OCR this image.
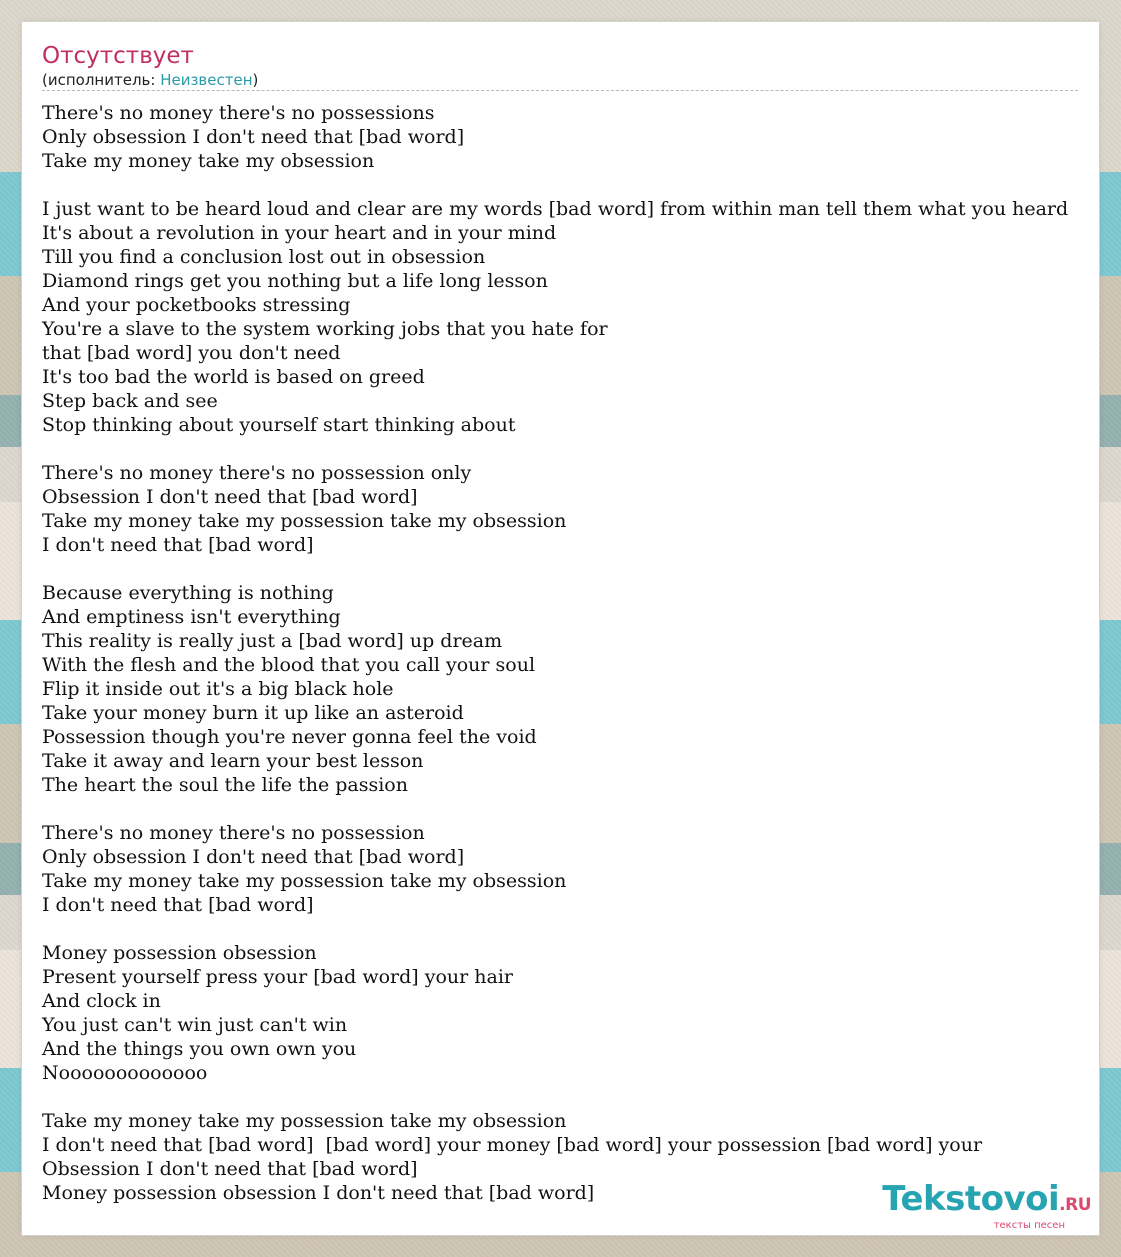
Отсутствует
(исполнитель: Неизвестен)
There's no money there's no possessions
Only obsession I don't need that [bad word]
Take my money take my obsession

I just want to be heard loud and clear are my words [bad word] from within man tell them what you heard
It's about a revolution in your heart and in your mind
Till you find a conclusion lost out in obsession
Diamond rings get you nothing but a life long lesson
And your pocketbooks stressing
You're a slave to the system working jobs that you hate for
that [bad word] you don't need
It's too bad the world is based on greed
Step back and see
Stop thinking about yourself start thinking about

There's no money there's no possession only
Obsession I don't need that [bad word]
Take my money take my possession take my obsession
I don't need that [bad word]

Because everything is nothing
And emptiness isn't everything
This reality is really just a [bad word] up dream
With the flesh and the blood that you call your soul
Flip it inside out it's a big black hole
Take your money burn it up like an asteroid
Possession though you're never gonna feel the void
Take it away and learn your best lesson
The heart the soul the life the passion

There's no money there's no possession
Only obsession I don't need that [bad word]
Take my money take my possession take my obsession
I don't need that [bad word]

Money possession obsession
Present yourself press your [bad word] your hair
And clock in
You just can't win just can't win
And the things you own own you
Nooooooooooooo

Take my money take my possession take my obsession
I don't need that [bad word]  [bad word] your money [bad word] your possession [bad word] your
Obsession I don't need that [bad word]
Money possession obsession I don't need that [bad word]	Tekstovoi.RU
тексты песен
